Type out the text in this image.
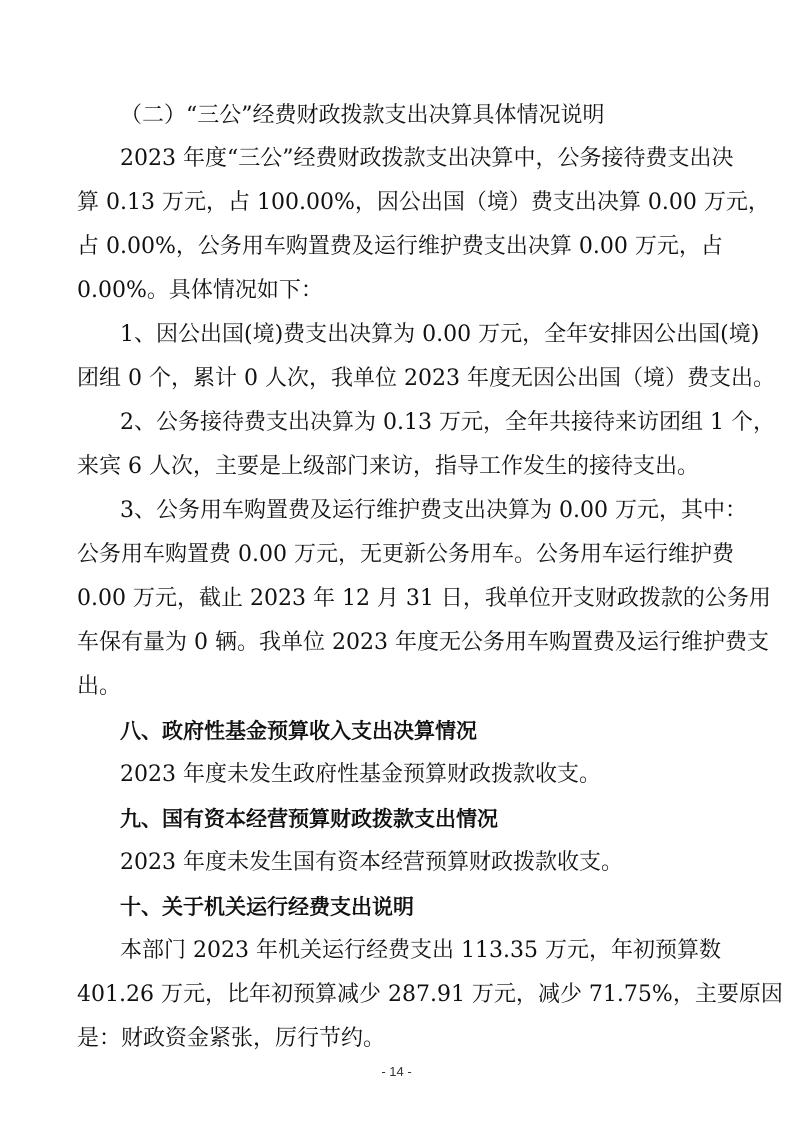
（二）“三公”经费财政拨款支出决算具体情况说明
2023 年度“三公”经费财政拨款支出决算中，公务接待费支出决
算 0.13 万元，占 100.00%，因公出国（境）费支出决算 0.00 万元，
占 0.00%，公务用车购置费及运行维护费支出决算 0.00 万元，占
0.00%。具体情况如下：
1、因公出国(境)费支出决算为 0.00 万元，全年安排因公出国(境)
团组 0 个，累计 0 人次，我单位 2023 年度无因公出国（境）费支出。
2、公务接待费支出决算为 0.13 万元，全年共接待来访团组 1 个，
来宾 6 人次，主要是上级部门来访，指导工作发生的接待支出。
3、公务用车购置费及运行维护费支出决算为 0.00 万元，其中：
公务用车购置费 0.00 万元，无更新公务用车。公务用车运行维护费
0.00 万元，截止 2023 年 12 月 31 日，我单位开支财政拨款的公务用
车保有量为 0 辆。我单位 2023 年度无公务用车购置费及运行维护费支
出。
八、政府性基金预算收入支出决算情况
2023 年度未发生政府性基金预算财政拨款收支。
九、国有资本经营预算财政拨款支出情况
2023 年度未发生国有资本经营预算财政拨款收支。
十、关于机关运行经费支出说明
本部门 2023 年机关运行经费支出 113.35 万元，年初预算数
401.26 万元，比年初预算减少 287.91 万元，减少 71.75%，主要原因
是：财政资金紧张，厉行节约。
- 14 -
